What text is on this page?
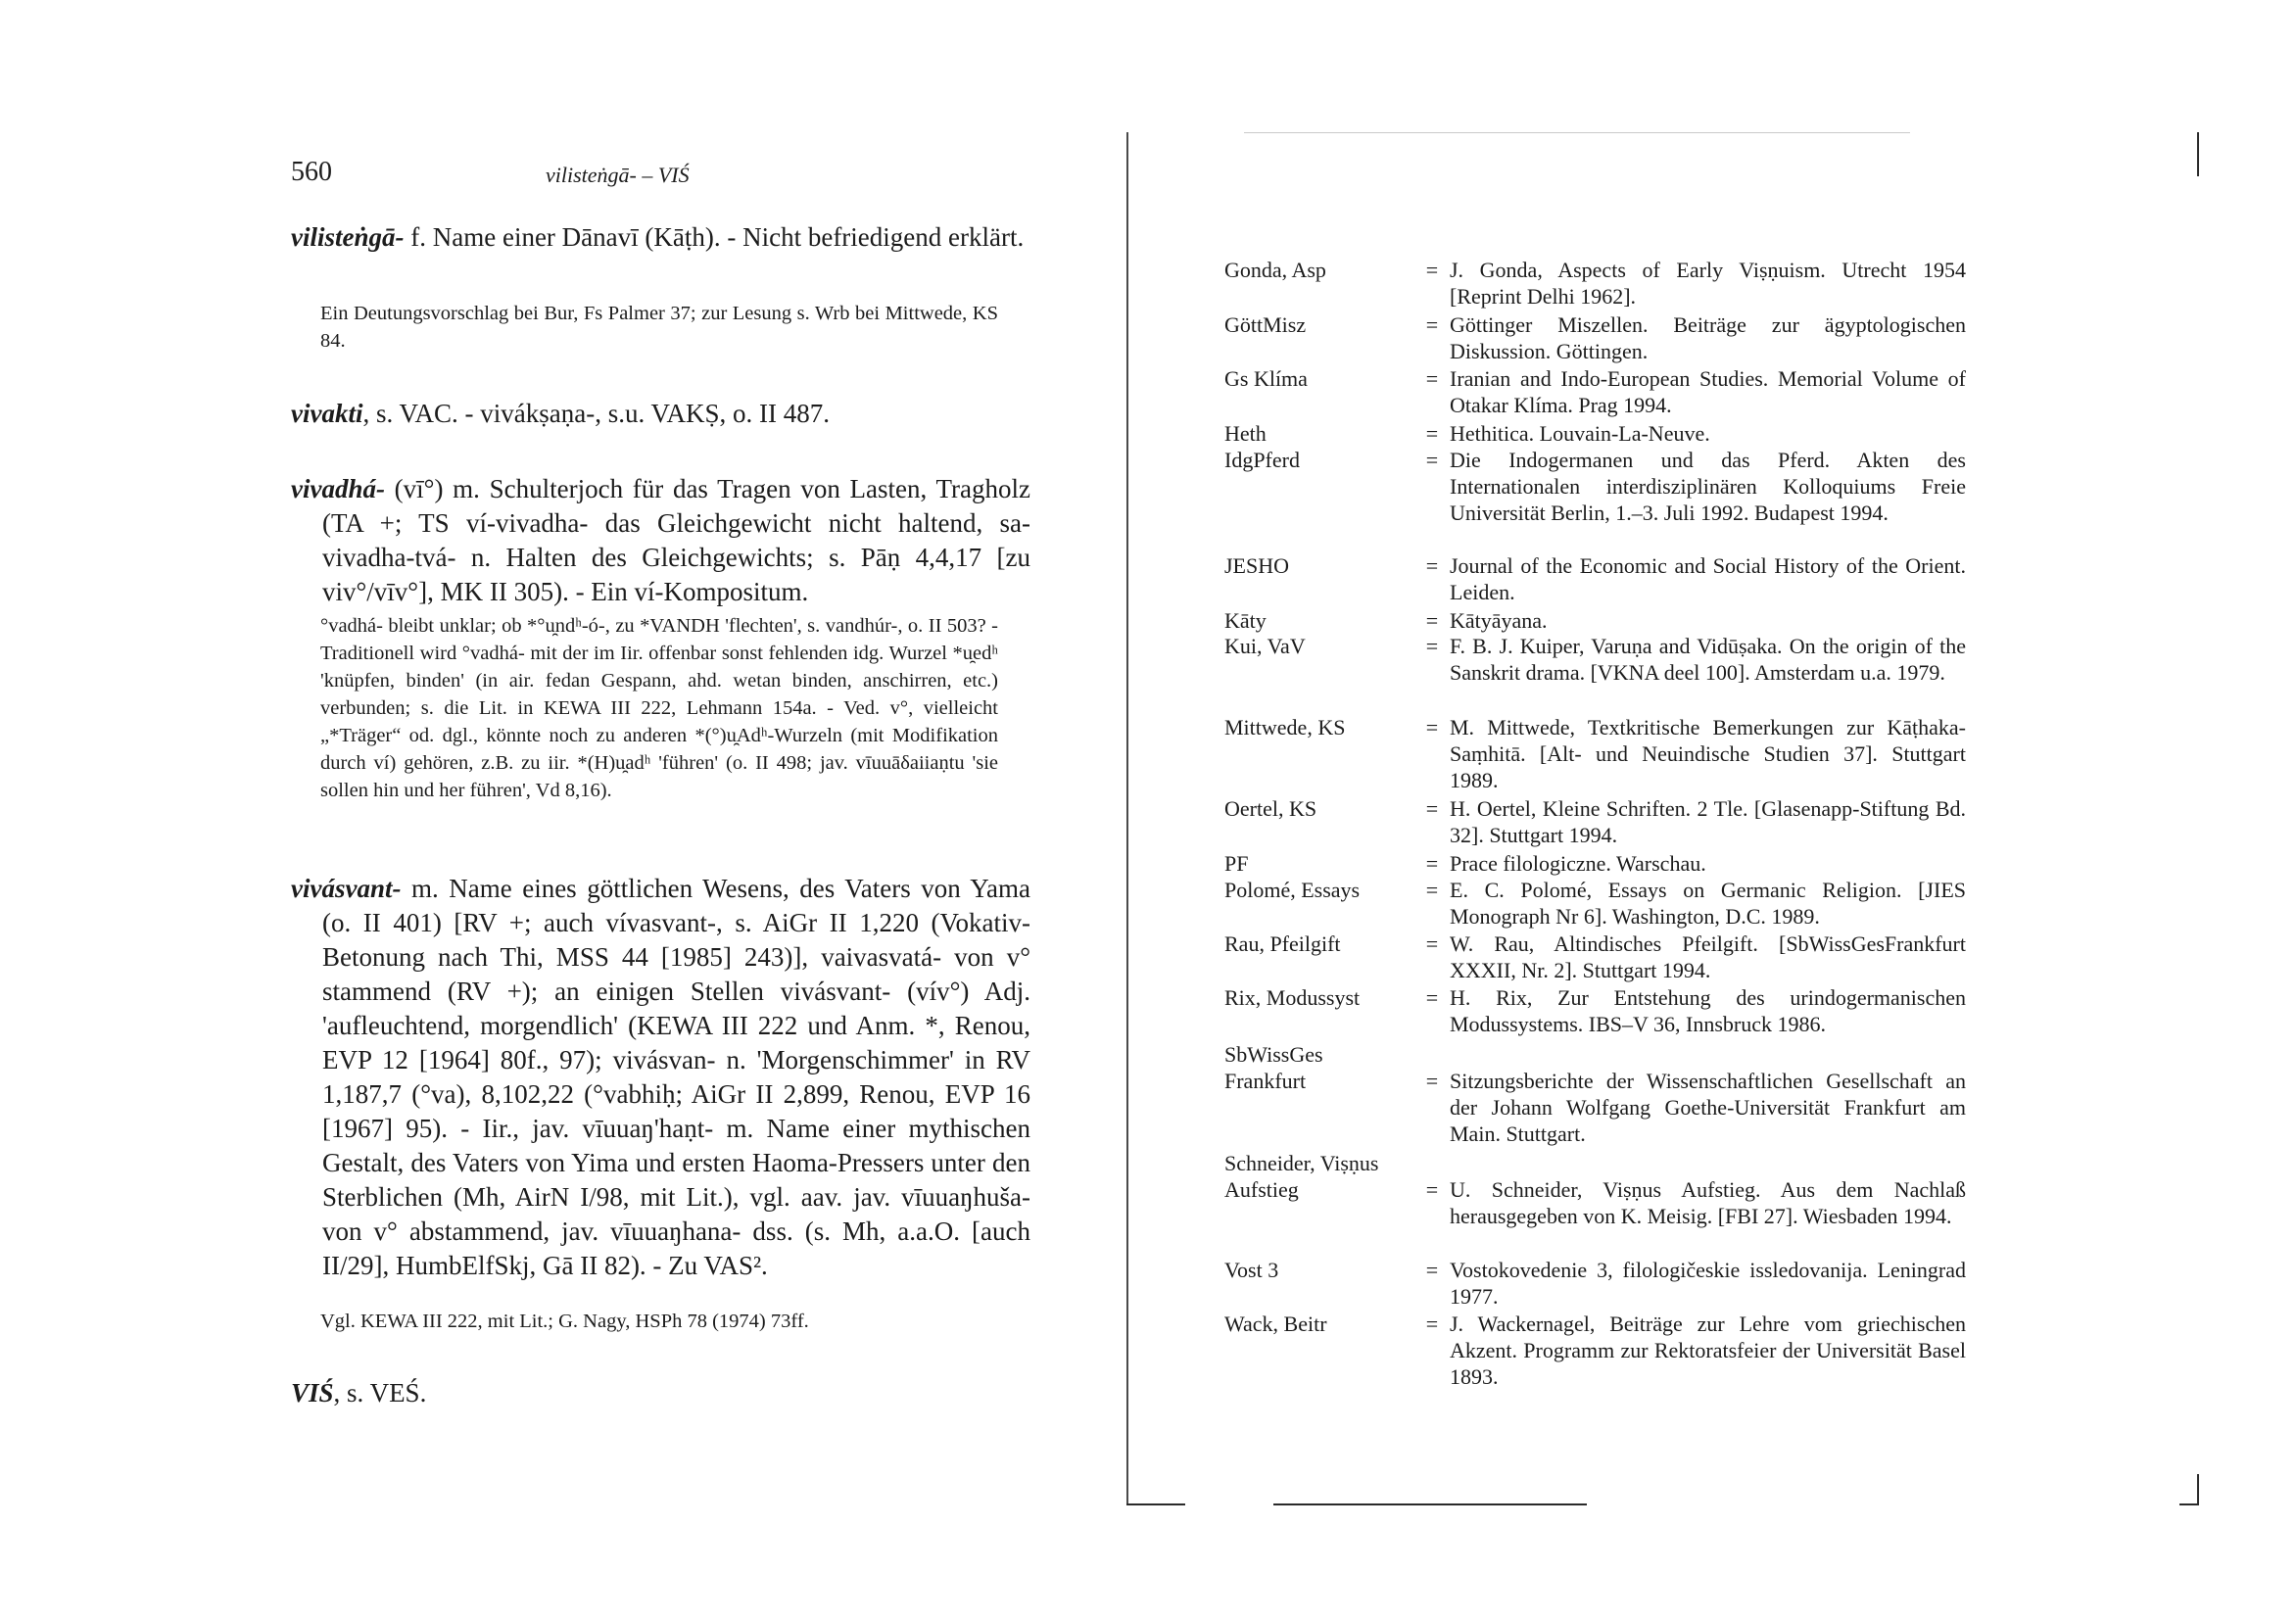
560	vilisteṅgā- – VIŚ
vilisteṅgā- f. Name einer Dānavī (Kāṭh). - Nicht befriedigend erklärt.
Ein Deutungsvorschlag bei Bur, Fs Palmer 37; zur Lesung s. Wrb bei Mittwede, KS 84.
vivakti, s. VAC. - vivákṣaṇa-, s.u. VAKṢ, o. II 487.
vivadhá- (vī°) m. Schulterjoch für das Tragen von Lasten, Tragholz (TA +; TS ví-vivadha- das Gleichgewicht nicht haltend, sa-vivadha-tvá- n. Halten des Gleichgewichts; s. Pāṇ 4,4,17 [zu viv°/vīv°], MK II 305). - Ein ví-Kompositum.
°vadhá- bleibt unklar; ob *°u̯ndʰ-ó-, zu *VANDH 'flechten', s. vandhúr-, o. II 503? - Traditionell wird °vadhá- mit der im Iir. offenbar sonst fehlenden idg. Wurzel *u̯edʰ 'knüpfen, binden' (in air. fedan Gespann, ahd. wetan binden, anschirren, etc.) verbunden; s. die Lit. in KEWA III 222, Lehmann 154a. - Ved. v°, vielleicht „*Träger“ od. dgl., könnte noch zu anderen *(°)u̯Adʰ-Wurzeln (mit Modifikation durch ví) gehören, z.B. zu iir. *(H)u̯adʰ 'führen' (o. II 498; jav. vīuuāδaiiaṇtu 'sie sollen hin und her führen', Vd 8,16).
vivásvant- m. Name eines göttlichen Wesens, des Vaters von Yama (o. II 401) [RV +; auch vívasvant-, s. AiGr II 1,220 (Vokativ-Betonung nach Thi, MSS 44 [1985] 243)], vaivasvatá- von v° stammend (RV +); an einigen Stellen vivásvant- (vív°) Adj. 'aufleuchtend, morgendlich' (KEWA III 222 und Anm. *, Renou, EVP 12 [1964] 80f., 97); vivásvan- n. 'Morgenschimmer' in RV 1,187,7 (°va), 8,102,22 (°vabhiḥ; AiGr II 2,899, Renou, EVP 16 [1967] 95). - Iir., jav. vīuuaŋ'haṇt- m. Name einer mythischen Gestalt, des Vaters von Yima und ersten Haoma-Pressers unter den Sterblichen (Mh, AirN I/98, mit Lit.), vgl. aav. jav. vīuuaŋhuša- von v° abstammend, jav. vīuuaŋhana- dss. (s. Mh, a.a.O. [auch II/29], HumbElfSkj, Gā II 82). - Zu VAS².
Vgl. KEWA III 222, mit Lit.; G. Nagy, HSPh 78 (1974) 73ff.
VIŚ, s. VEŚ.
Gonda, Asp	= J. Gonda, Aspects of Early Viṣṇuism. Utrecht 1954 [Reprint Delhi 1962].
GöttMisz	= Göttinger Miszellen. Beiträge zur ägyptologischen Diskussion. Göttingen.
Gs Klíma	= Iranian and Indo-European Studies. Memorial Volume of Otakar Klíma. Prag 1994.
Heth	= Hethitica. Louvain-La-Neuve.
IdgPferd	= Die Indogermanen und das Pferd. Akten des Internationalen interdisziplinären Kolloquiums Freie Universität Berlin, 1.–3. Juli 1992. Budapest 1994.
JESHO	= Journal of the Economic and Social History of the Orient. Leiden.
Kāty	= Kātyāyana.
Kui, VaV	= F. B. J. Kuiper, Varuṇa and Vidūṣaka. On the origin of the Sanskrit drama. [VKNA deel 100]. Amsterdam u.a. 1979.
Mittwede, KS	= M. Mittwede, Textkritische Bemerkungen zur Kāṭhaka-Saṃhitā. [Alt- und Neuindische Studien 37]. Stuttgart 1989.
Oertel, KS	= H. Oertel, Kleine Schriften. 2 Tle. [Glasenapp-Stiftung Bd. 32]. Stuttgart 1994.
PF	= Prace filologiczne. Warschau.
Polomé, Essays	= E. C. Polomé, Essays on Germanic Religion. [JIES Monograph Nr 6]. Washington, D.C. 1989.
Rau, Pfeilgift	= W. Rau, Altindisches Pfeilgift. [SbWissGesFrankfurt XXXII, Nr. 2]. Stuttgart 1994.
Rix, Modussyst	= H. Rix, Zur Entstehung des urindogermanischen Modussystems. IBS–V 36, Innsbruck 1986.
SbWissGes Frankfurt	= Sitzungsberichte der Wissenschaftlichen Gesellschaft an der Johann Wolfgang Goethe-Universität Frankfurt am Main. Stuttgart.
Schneider, Viṣṇus Aufstieg	= U. Schneider, Viṣṇus Aufstieg. Aus dem Nachlaß herausgegeben von K. Meisig. [FBI 27]. Wiesbaden 1994.
Vost 3	= Vostokovedenie 3, filologičeskie issledovanija. Leningrad 1977.
Wack, Beitr	= J. Wackernagel, Beiträge zur Lehre vom griechischen Akzent. Programm zur Rektoratsfeier der Universität Basel 1893.
